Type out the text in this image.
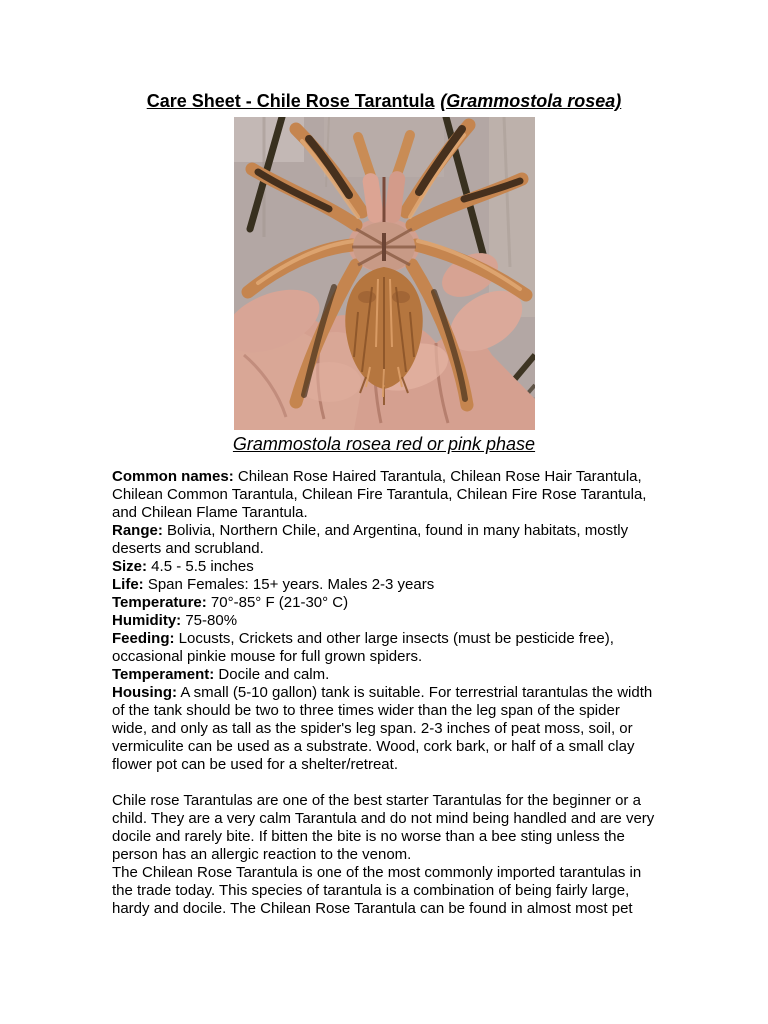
Care Sheet - Chile Rose Tarantula (Grammostola rosea)
Grammostola rosea red or pink phase

Common names: Chilean Rose Haired Tarantula, Chilean Rose Hair Tarantula, Chilean Common Tarantula, Chilean Fire Tarantula, Chilean Fire Rose Tarantula, and Chilean Flame Tarantula.

Range: Bolivia, Northern Chile, and Argentina, found in many habitats, mostly deserts and scrubland.

Size: 4.5 - 5.5 inches

Life: Span Females: 15+ years. Males 2-3 years

Temperature: 70°-85° F (21-30° C)

Humidity: 75-80%

Feeding: Locusts, Crickets and other large insects (must be pesticide free), occasional pinkie mouse for full grown spiders.

Temperament: Docile and calm.

Housing: A small (5-10 gallon) tank is suitable. For terrestrial tarantulas the width of the tank should be two to three times wider than the leg span of the spider wide, and only as tall as the spider's leg span. 2-3 inches of peat moss, soil, or vermiculite can be used as a substrate. Wood, cork bark, or half of a small clay flower pot can be used for a shelter/retreat.

Chile rose Tarantulas are one of the best starter Tarantulas for the beginner or a child. They are a very calm Tarantula and do not mind being handled and are very docile and rarely bite. If bitten the bite is no worse than a bee sting unless the person has an allergic reaction to the venom.

The Chilean Rose Tarantula is one of the most commonly imported tarantulas in the trade today. This species of tarantula is a combination of being fairly large, hardy and docile. The Chilean Rose Tarantula can be found in almost most pet
